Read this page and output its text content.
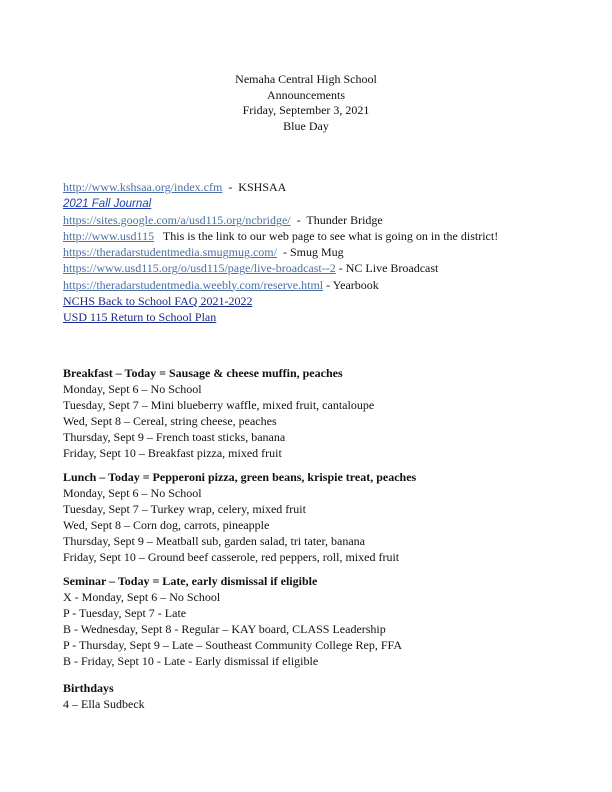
Nemaha Central High School
Announcements
Friday, September 3, 2021
Blue Day
http://www.kshsaa.org/index.cfm  -  KSHSAA
2021 Fall Journal
https://sites.google.com/a/usd115.org/ncbridge/  -  Thunder Bridge
http://www.usd115   This is the link to our web page to see what is going on in the district!
https://theradarstudentmedia.smugmug.com/  - Smug Mug
https://www.usd115.org/o/usd115/page/live-broadcast--2 - NC Live Broadcast
https://theradarstudentmedia.weebly.com/reserve.html - Yearbook
NCHS Back to School FAQ 2021-2022
USD 115 Return to School Plan
Breakfast – Today = Sausage & cheese muffin, peaches
Monday, Sept 6 – No School
Tuesday, Sept 7 – Mini blueberry waffle, mixed fruit, cantaloupe
Wed, Sept 8 – Cereal, string cheese, peaches
Thursday, Sept 9 – French toast sticks, banana
Friday, Sept 10 – Breakfast pizza, mixed fruit
Lunch – Today = Pepperoni pizza, green beans, krispie treat, peaches
Monday, Sept 6 – No School
Tuesday, Sept 7 – Turkey wrap, celery, mixed fruit
Wed, Sept 8 – Corn dog, carrots, pineapple
Thursday, Sept 9 – Meatball sub, garden salad, tri tater, banana
Friday, Sept 10 – Ground beef casserole, red peppers, roll, mixed fruit
Seminar – Today = Late, early dismissal if eligible
X - Monday, Sept 6 – No School
P - Tuesday, Sept 7 - Late
B - Wednesday, Sept 8 - Regular – KAY board, CLASS Leadership
P - Thursday, Sept 9 – Late – Southeast Community College Rep, FFA
B - Friday, Sept 10 - Late - Early dismissal if eligible
Birthdays
4 – Ella Sudbeck
